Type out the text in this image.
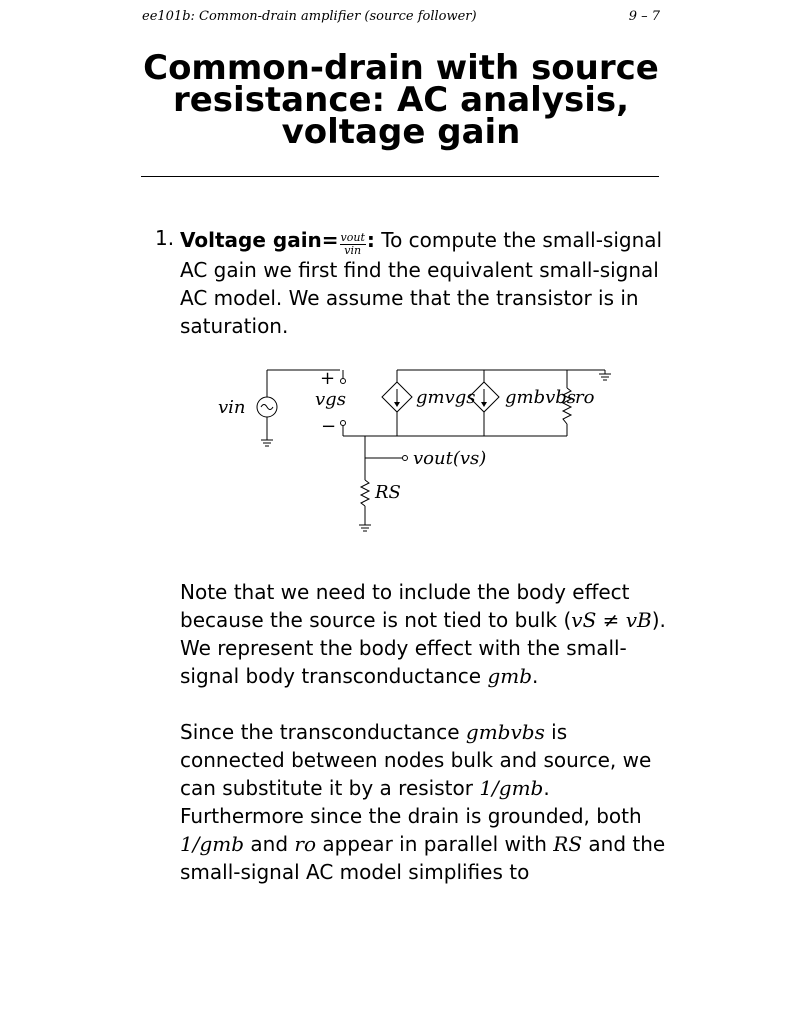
ee101b: Common-drain amplifier (source follower)	9 – 7
Common-drain with source
resistance: AC analysis,
voltage gain
1. Voltage gain= $\frac{\text{vout}}{\text{vin}}$ : To compute the small-signal AC gain we first find the equivalent small-signal AC model. We assume that the transistor is in saturation.

vin	vgs
+
−
gmvgs gmbvbs
ro
vout(vs)
RS

Note that we need to include the body effect because the source is not tied to bulk (vS ≠ vB). We represent the body effect with the small-signal body transconductance gmb.

Since the transconductance gmbvbs is connected between nodes bulk and source, we can substitute it by a resistor 1/gmb. Furthermore since the drain is grounded, both 1/gmb and ro appear in parallel with RS and the small-signal AC model simplifies to
